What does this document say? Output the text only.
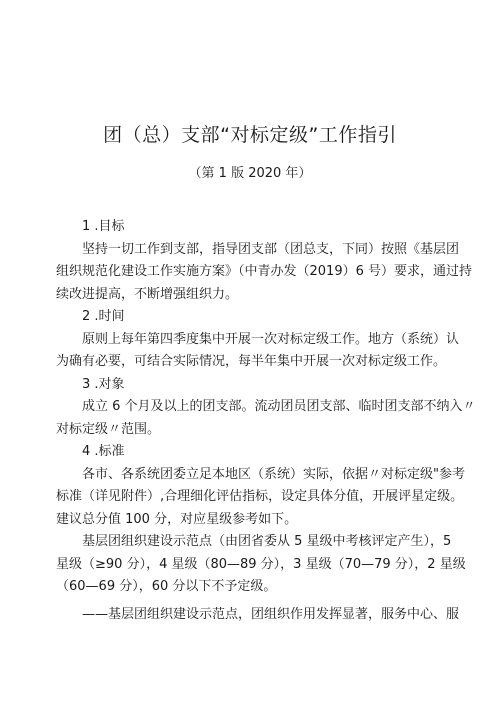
团（总）支部“对标定级”工作指引
（第 1 版 2020 年）
1 .目标
坚持一切工作到支部，指导团支部（团总支，下同）按照《基层团
组织规范化建设工作实施方案》（中青办发（2019）6 号）要求，通过持
续改进提高，不断增强组织力。
2 .时间
原则上每年第四季度集中开展一次对标定级工作。地方（系统）认
为确有必要，可结合实际情况，每半年集中开展一次对标定级工作。
3 .对象
成立 6 个月及以上的团支部。流动团员团支部、临时团支部不纳入〃
对标定级〃范围。
4 .标准
各市、各系统团委立足本地区（系统）实际，依据〃对标定级"参考
标准（详见附件）,合理细化评估指标，设定具体分值，开展评星定级。
建议总分值 100 分，对应星级参考如下。
基层团组织建设示范点（由团省委从 5 星级中考核评定产生），5
星级（≥90 分），4 星级（80—89 分），3 星级（70—79 分），2 星级
（60—69 分），60 分以下不予定级。
——基层团组织建设示范点，团组织作用发挥显著，服务中心、服
